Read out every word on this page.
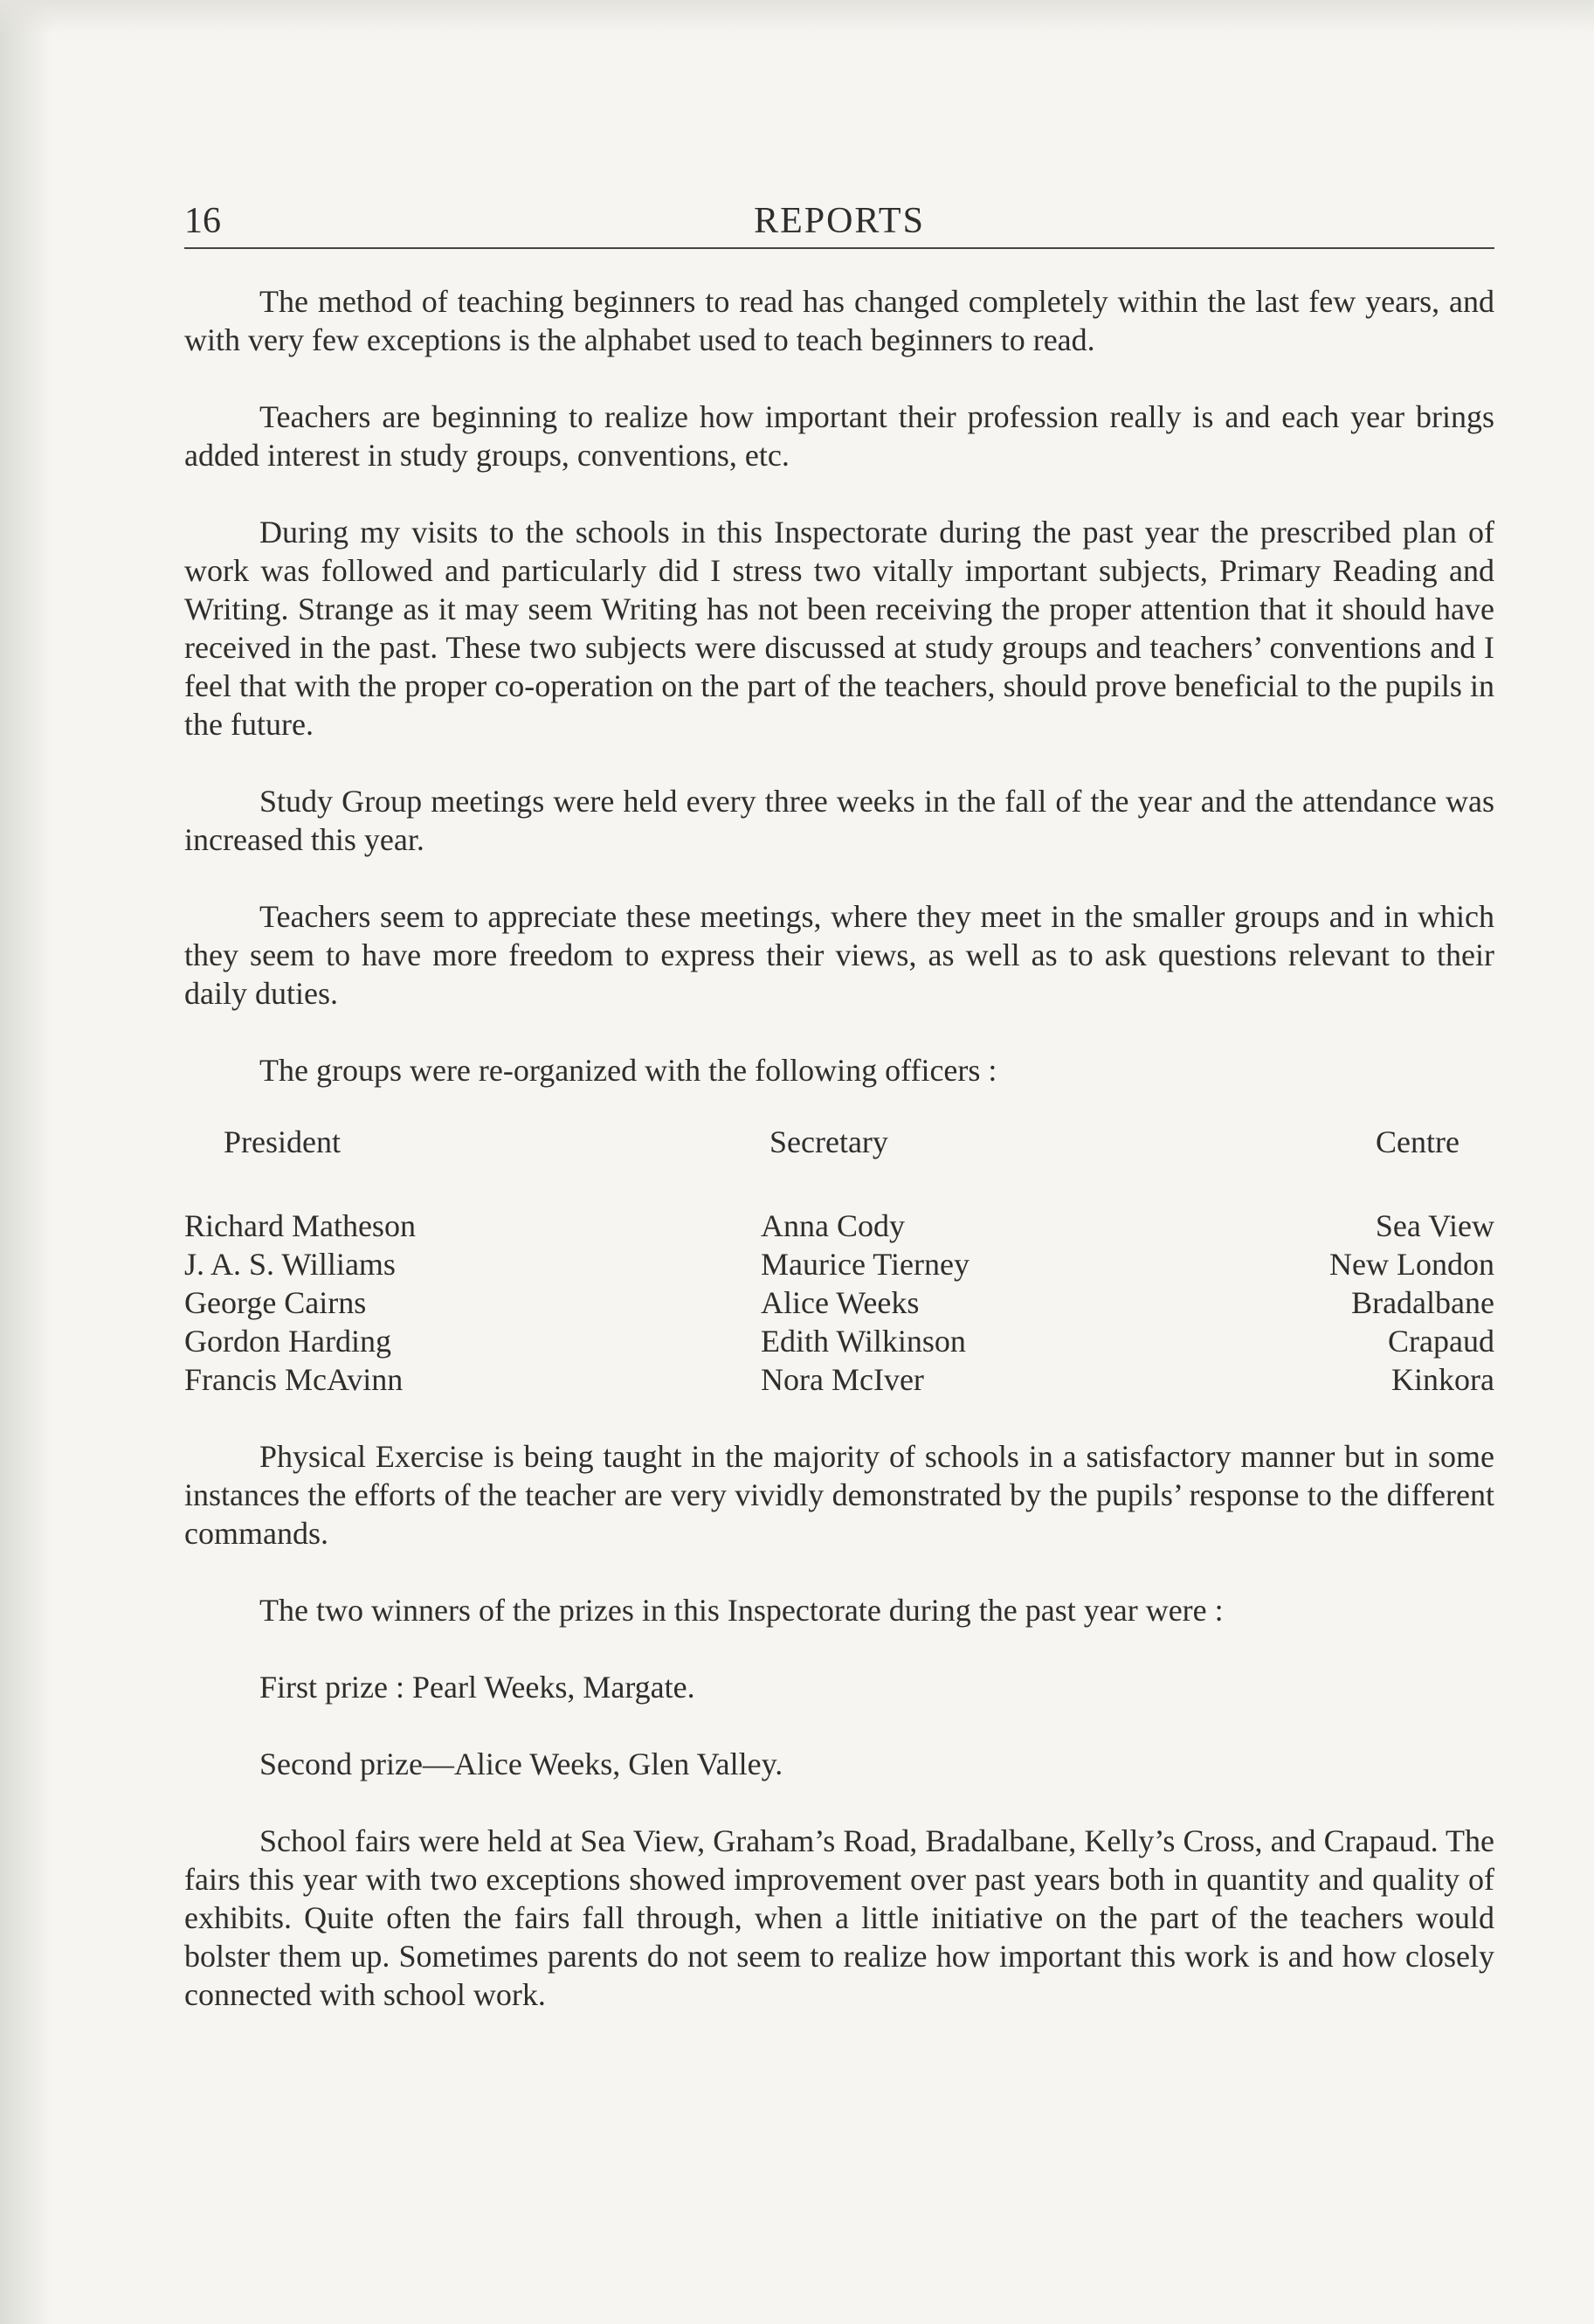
16	REPORTS

The method of teaching beginners to read has changed completely within the last few years, and with very few exceptions is the alphabet used to teach beginners to read.

Teachers are beginning to realize how important their profession really is and each year brings added interest in study groups, conventions, etc.

During my visits to the schools in this Inspectorate during the past year the prescribed plan of work was followed and particularly did I stress two vitally important subjects, Primary Reading and Writing. Strange as it may seem Writing has not been receiving the proper attention that it should have received in the past. These two subjects were discussed at study groups and teachers’ conventions and I feel that with the proper co-operation on the part of the teachers, should prove beneficial to the pupils in the future.

Study Group meetings were held every three weeks in the fall of the year and the attendance was increased this year.

Teachers seem to appreciate these meetings, where they meet in the smaller groups and in which they seem to have more freedom to express their views, as well as to ask questions relevant to their daily duties.

The groups were re-organized with the following officers :

President	Secretary	Centre
Richard Matheson	Anna Cody	Sea View
J. A. S. Williams	Maurice Tierney	New London
George Cairns	Alice Weeks	Bradalbane
Gordon Harding	Edith Wilkinson	Crapaud
Francis McAvinn	Nora McIver	Kinkora

Physical Exercise is being taught in the majority of schools in a satisfactory manner but in some instances the efforts of the teacher are very vividly demonstrated by the pupils’ response to the different commands.

The two winners of the prizes in this Inspectorate during the past year were :

First prize : Pearl Weeks, Margate.

Second prize—Alice Weeks, Glen Valley.

School fairs were held at Sea View, Graham’s Road, Bradalbane, Kelly’s Cross, and Crapaud. The fairs this year with two exceptions showed improvement over past years both in quantity and quality of exhibits. Quite often the fairs fall through, when a little initiative on the part of the teachers would bolster them up. Sometimes parents do not seem to realize how important this work is and how closely connected with school work.
